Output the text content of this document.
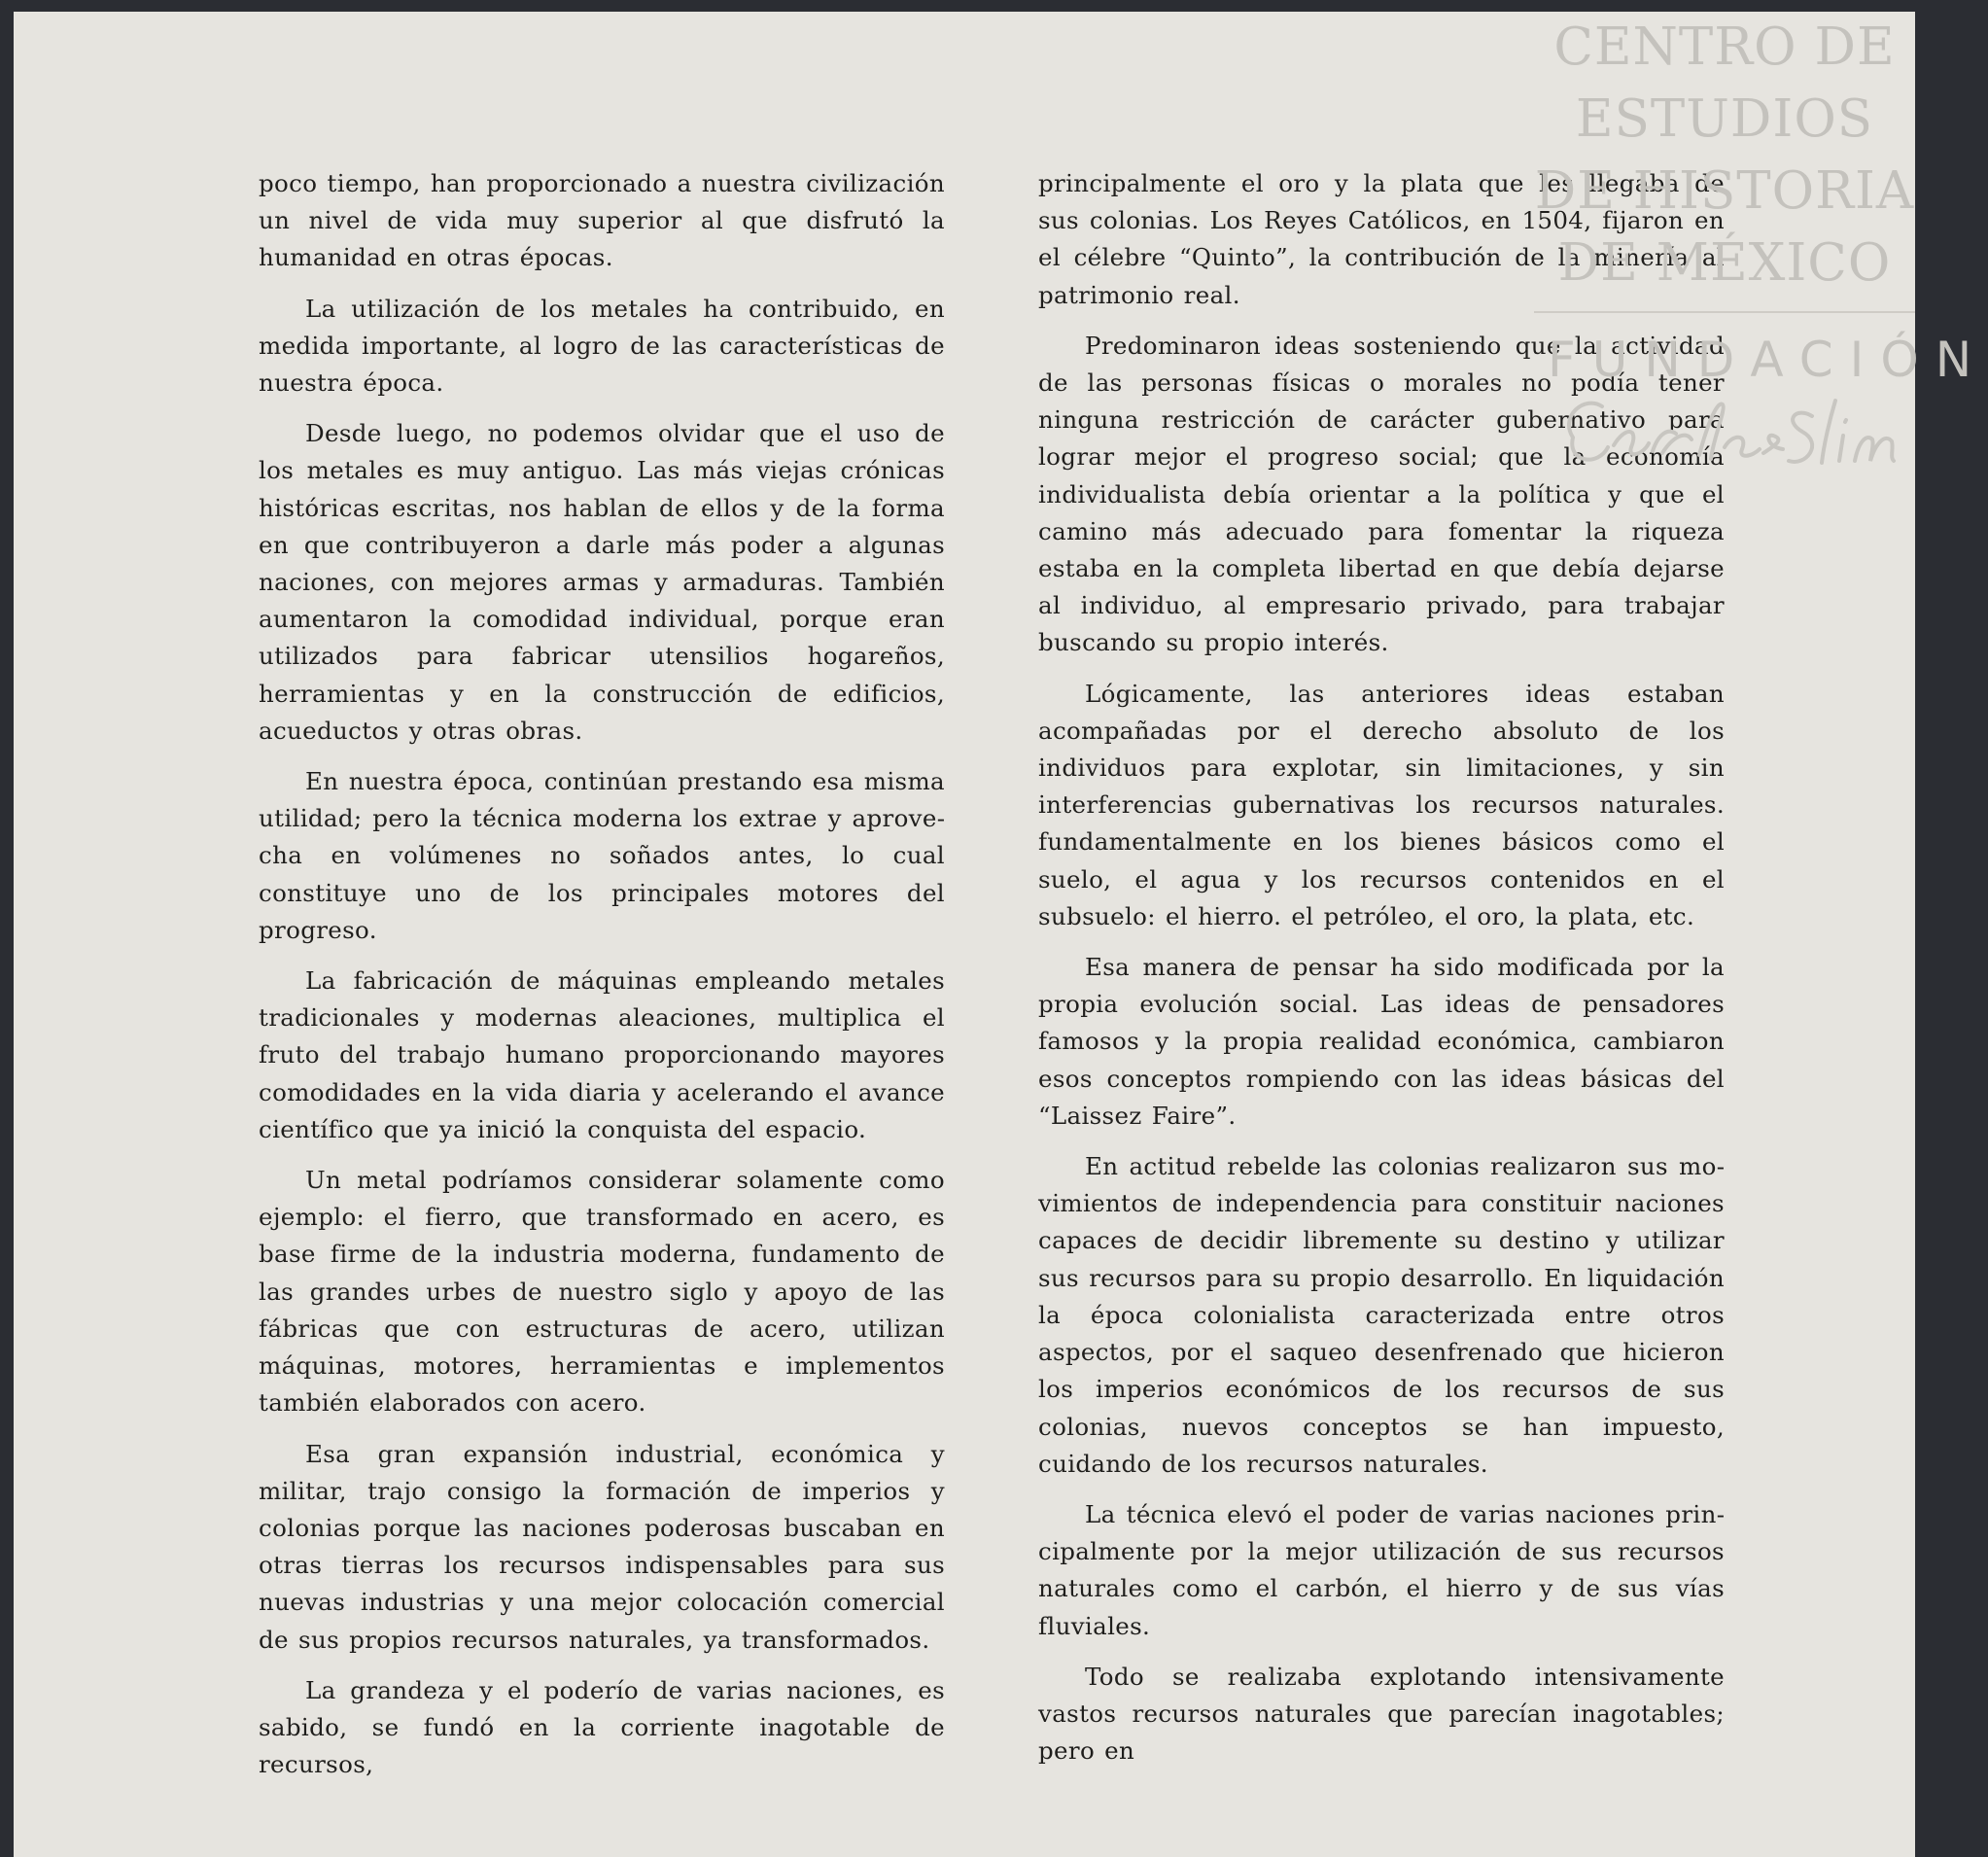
poco tiempo, han proporcionado a nuestra civilización un nivel de vida muy superior al que disfrutó la humanidad en otras épocas.

La utilización de los metales ha contribuido, en medida importante, al logro de las características de nuestra época.

Desde luego, no podemos olvidar que el uso de los metales es muy antiguo. Las más viejas crónicas históricas escritas, nos hablan de ellos y de la forma en que contribuyeron a darle más poder a algunas naciones, con mejores armas y armaduras. También aumentaron la comodidad individual, porque eran utilizados para fabricar utensilios hogareños, herramientas y en la construcción de edificios, acueductos y otras obras.

En nuestra época, continúan prestando esa misma utilidad; pero la técnica moderna los extrae y aprovecha en volúmenes no soñados antes, lo cual constituye uno de los principales motores del progreso.

La fabricación de máquinas empleando metales tradicionales y modernas aleaciones, multiplica el fruto del trabajo humano proporcionando mayores comodidades en la vida diaria y acelerando el avance científico que ya inició la conquista del espacio.

Un metal podríamos considerar solamente como ejemplo: el fierro, que transformado en acero, es base firme de la industria moderna, fundamento de las grandes urbes de nuestro siglo y apoyo de las fábricas que con estructuras de acero, utilizan máquinas, motores, herramientas e implementos también elaborados con acero.

Esa gran expansión industrial, económica y militar, trajo consigo la formación de imperios y colonias porque las naciones poderosas buscaban en otras tierras los recursos indispensables para sus nuevas industrias y una mejor colocación comercial de sus propios recursos naturales, ya transformados.

La grandeza y el poderío de varias naciones, es sabido, se fundó en la corriente inagotable de recursos,

principalmente el oro y la plata que les llegaba de sus colonias. Los Reyes Católicos, en 1504, fijaron en el célebre “Quinto”, la contribución de la minería al patrimonio real.

Predominaron ideas sosteniendo que la actividad de las personas físicas o morales no podía tener ninguna restricción de carácter gubernativo para lograr mejor el progreso social; que la economía individualista debía orientar a la política y que el camino más adecuado para fomentar la riqueza estaba en la completa libertad en que debía dejarse al individuo, al empresario privado, para trabajar buscando su propio interés.

Lógicamente, las anteriores ideas estaban acompañadas por el derecho absoluto de los individuos para explotar, sin limitaciones, y sin interferencias gubernativas los recursos naturales. fundamentalmente en los bienes básicos como el suelo, el agua y los recursos contenidos en el subsuelo: el hierro. el petróleo, el oro, la plata, etc.

Esa manera de pensar ha sido modificada por la propia evolución social. Las ideas de pensadores famosos y la propia realidad económica, cambiaron esos conceptos rompiendo con las ideas básicas del “Laissez Faire”.

En actitud rebelde las colonias realizaron sus movimientos de independencia para constituir naciones capaces de decidir libremente su destino y utilizar sus recursos para su propio desarrollo. En liquidación la época colonialista caracterizada entre otros aspectos, por el saqueo desenfrenado que hicieron los imperios económicos de los recursos de sus colonias, nuevos conceptos se han impuesto, cuidando de los recursos naturales.

La técnica elevó el poder de varias naciones principalmente por la mejor utilización de sus recursos naturales como el carbón, el hierro y de sus vías fluviales.

Todo se realizaba explotando intensivamente vastos recursos naturales que parecían inagotables; pero en

CENTRO DE
ESTUDIOS
DE HISTORIA
DE MÉXICO
FUNDACIÓN
